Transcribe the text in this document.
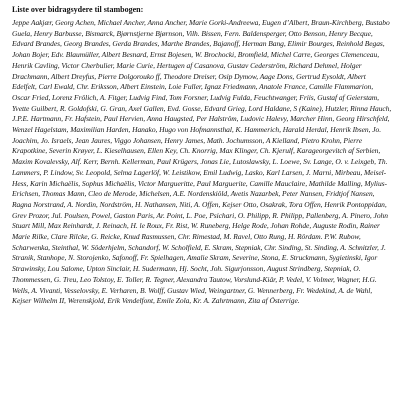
Liste over bidragsydere til stambogen:

Jeppe Aakjær, Georg Achen, Michael Ancher, Anna Ancher, Marie Gorki-Andreewa, Eugen d’Albert, Braun-Kirchberg, Bustabo Guela, Henry Barbusse, Bismarck, Bjørnstjerne Bjørnson, Vilh. Bissen, Fern. Baldensperger, Otto Benson, Henry Becque, Edvard Brandes, Georg Brandes, Gerda Brandes, Marthe Brandes, Bajanoff, Herman Bang, Elimir Bourges, Reinhold Begas, Johan Bojer, Edv. Blaumüller, Albert Besnard, Ernst Bojesen, W. Brochocki, Bromfield, Michel Carre, Georges Clemenceau, Henrik Cavling, Victor Cherbulier, Marie Curie, Hertugen af Casanova, Gustav Cederström, Richard Dehmel, Holger Drachmann, Albert Dreyfus, Pierre Dolgorouko ff, Theodore Dreiser, Osip Dymow, Aage Dons, Gertrud Eysoldt, Albert Edelfelt, Carl Ewald, Chr. Eriksson, Albert Einstein, Loie Fuller, Ignaz Friedmann, Anatole France, Camille Flammarion, Oscar Fried, Lorenz Frölich, A. Fitger, Ludvig Find, Tom Forsner, Ludvig Fulda, Feuchtwanger, Friis, Gustaf af Geierstam, Yvette Guilbert, R. Goldofski, G. Gran, Axel Gallen, Evd. Gosse, Edvard Grieg, Lord Haldane, S (Kaine), Hutzler, Rinna Hauch, J.P.E. Hartmann, Fr. Hafstein, Paul Hervien, Anna Haugsted, Per Halström, Ludovic Halevy, Marcher Hinn, Georg Hirschfeld, Wenzel Hagelstam, Maximilian Harden, Hanako, Hugo von Hofmannsthal, K. Hammerich, Harald Herdal, Henrik Ibsen, Jo. Joachim, Jo. Israels, Jean Jaures, Viggo Johansen, Henry James, Math. Jochumsson, A Kielland, Pietro Krohn, Pierre Krapotkine, Severin Krøyer, L. Kieselhausen, Ellen Key, Ch. Knorrig, Max Klinger, Ch. Kjerulf, Karageorgevitch af Serbien, Maxim Kovalevsky, Alf. Kerr, Bernh. Kellerman, Paul Krügers, Jonas Lie, Lutoslawsky, L. Loewe, Sv. Lange, O. v. Leixgeb, Th. Lammers, P. Lindow, Sv. Leopold, Selma Lagerlöf, W. Leistikow, Emil Ludwig, Lasko, Karl Larsen, J. Marni, Mirbeau, Meisel-Hess, Karin Michaëlis, Sophus Michaëlis, Victor Margueritte, Paul Marguerite, Camille Mauclaire, Mathilde Malling, Mylius-Erichsen, Thomas Mann, Cleo de Merode, Michelsen, A.E. Nordenskiöld, Avetis Nazarbek, Peter Nansen, Fridtjof Nansen, Ragna Norstrand, A. Nordin, Nordström, H. Nathansen, Niti, A. Offen, Kejser Otto, Osakrak, Tora Offen, Henrik Pontoppidan, Grev Prozor, Jul. Poulsen, Powel, Gaston Paris, Ar. Point, L. Poe, Psichari, O. Philipp, R. Philipp, Pallenberg, A. Pinero, John Stuart Mill, Max Reinhardt, J. Reinach, H. le Roux, Fr. Rist, W. Runeberg, Helge Rode, Johan Rohde, Auguste Rodin, Rainer Marie Rilke, Clare Rilcke, G. Reicke, Knud Rasmussen, Chr. Rimestad, M. Ravel, Otto Rung, H. Rördam. P.W. Rubow, Scharwenka, Steinthal, W. Söderhjelm, Schandorf, W. Scholfield, E. Skram, Stepniak, Chr. Sinding, St. Sinding, A. Schnitzler, J. Stranik, Stanhope, N. Storojenko, Safonoff, Fr. Spielhagen, Amalie Skram, Severine, Stona, E. Struckmann, Sygietinski, Igor Strawinsky, Lou Salome, Upton Sinclair, H. Sudermann, Hj. Socht, Joh. Sigurjonsson, August Strindberg, Stepniak, O. Thommessen, G. Treu, Leo Tolstoy, E. Toller, R. Tegner, Alexandra Tautow, Vorslund-Kiär, P. Vedel, V. Volmer, Wagner, H.G. Wells, A. Vivanti, Vesselovsky, E. Verharen, B. Wolff, Gustav Wied, Weingartner, G. Wennerberg, Fr. Wedekind, A. de Wahl, Kejser Wilhelm II, Werenskjold, Erik Vendelfont, Emile Zola, Kr. A. Zahrtmann, Zita af Österrige.
